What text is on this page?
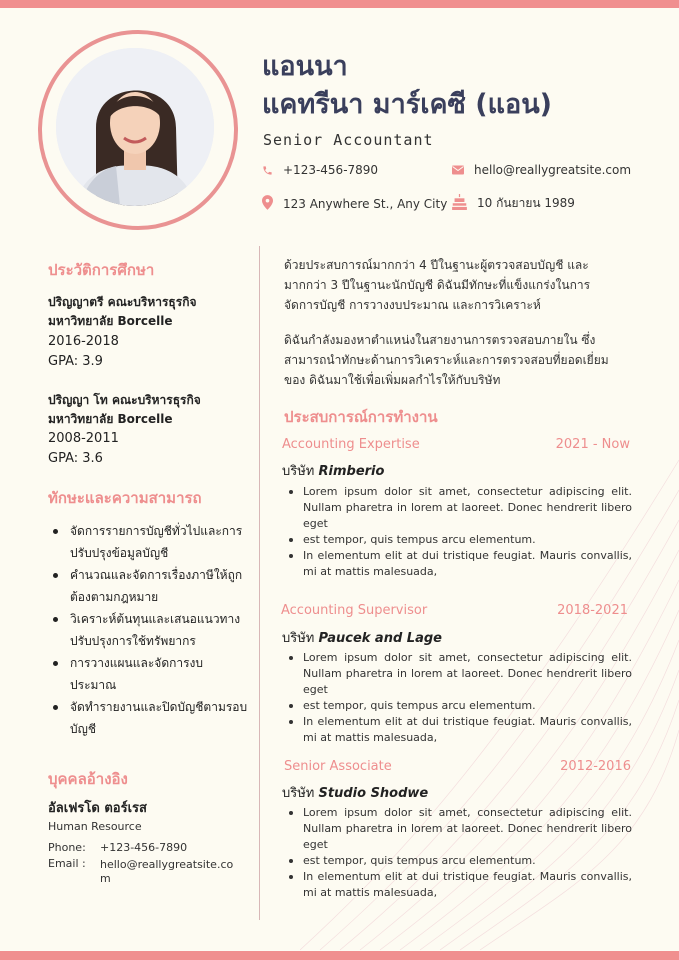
แอนนา
แคทรีนา มาร์เคซี (แอน)
Senior Accountant
+123-456-7890	hello@reallygreatsite.com
123 Anywhere St., Any City 10 กันยายน 1989
ประวัติการศึกษา
ปริญญาตรี คณะบริหารธุรกิจ
มหาวิทยาลัย Borcelle
2016-2018
GPA: 3.9
ปริญญา โท คณะบริหารธุรกิจ
มหาวิทยาลัย Borcelle
2008-2011
GPA: 3.6
ทักษะและความสามารถ
จัดการรายการบัญชีทั่วไปและการปรับปรุงข้อมูลบัญชี
คำนวณและจัดการเรื่องภาษีให้ถูกต้องตามกฎหมาย
วิเคราะห์ต้นทุนและเสนอแนวทางปรับปรุงการใช้ทรัพยากร
การวางแผนและจัดการงบประมาณ
จัดทำรายงานและปิดบัญชีตามรอบบัญชี
บุคคลอ้างอิง
อัลเฟรโด ตอร์เรส
Human Resource
Phone: +123-456-7890
Email : hello@reallygreatsite.com

ด้วยประสบการณ์มากกว่า 4 ปีในฐานะผู้ตรวจสอบบัญชี และมากกว่า 3 ปีในฐานะนักบัญชี ดิฉันมีทักษะที่แข็งแกร่งในการจัดการบัญชี การวางงบประมาณ และการวิเคราะห์

ดิฉันกำลังมองหาตำแหน่งในสายงานการตรวจสอบภายใน ซึ่งสามารถนำทักษะด้านการวิเคราะห์และการตรวจสอบที่ยอดเยี่ยมของ ดิฉันมาใช้เพื่อเพิ่มผลกำไรให้กับบริษัท

ประสบการณ์การทำงาน
Accounting Expertise	2021 - Now
บริษัท Rimberio
Lorem ipsum dolor sit amet, consectetur adipiscing elit. Nullam pharetra in lorem at laoreet. Donec hendrerit libero eget
est tempor, quis tempus arcu elementum.
In elementum elit at dui tristique feugiat. Mauris convallis, mi at mattis malesuada,
Accounting Supervisor	2018-2021
บริษัท Paucek and Lage
Lorem ipsum dolor sit amet, consectetur adipiscing elit. Nullam pharetra in lorem at laoreet. Donec hendrerit libero eget
est tempor, quis tempus arcu elementum.
In elementum elit at dui tristique feugiat. Mauris convallis, mi at mattis malesuada,
Senior Associate	2012-2016
บริษัท Studio Shodwe
Lorem ipsum dolor sit amet, consectetur adipiscing elit. Nullam pharetra in lorem at laoreet. Donec hendrerit libero eget
est tempor, quis tempus arcu elementum.
In elementum elit at dui tristique feugiat. Mauris convallis, mi at mattis malesuada,
